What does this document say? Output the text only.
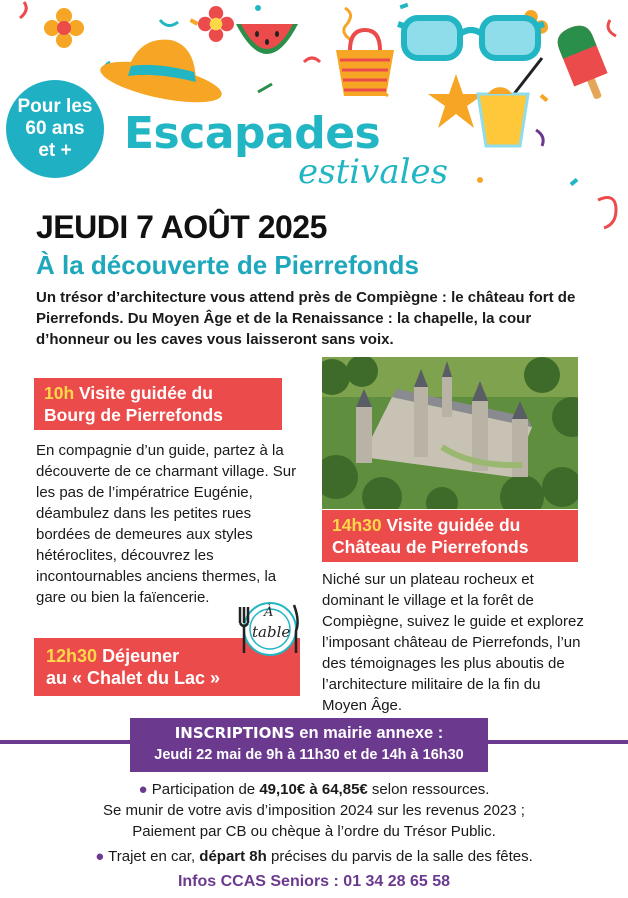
Pour les
60 ans
et + Escapades
estivales
JEUDI 7 AOÛT 2025
À la découverte de Pierrefonds
Un trésor d’architecture vous attend près de Compiègne : le château fort de Pierrefonds. Du Moyen Âge et de la Renaissance : la chapelle, la cour d’honneur ou les caves vous laisseront sans voix.
10h Visite guidée du
Bourg de Pierrefonds
En compagnie d’un guide, partez à la découverte de ce charmant village. Sur les pas de l’impératrice Eugénie, déambulez dans les petites rues bordées de demeures aux styles hétéroclites, découvrez les incontournables anciens thermes, la gare ou bien la faïencerie.
14h30 Visite guidée du
Château de Pierrefonds
Niché sur un plateau rocheux et dominant le village et la forêt de Compiègne, suivez le guide et explorez l’imposant château de Pierrefonds, l’un des témoignages les plus aboutis de l’architecture militaire de la fin du Moyen Âge.
12h30 Déjeuner
au « Chalet du Lac »
À
table
INSCRIPTIONS en mairie annexe :
Jeudi 22 mai de 9h à 11h30 et de 14h à 16h30
● Participation de 49,10€ à 64,85€ selon ressources.
Se munir de votre avis d’imposition 2024 sur les revenus 2023 ;
Paiement par CB ou chèque à l’ordre du Trésor Public.
● Trajet en car, départ 8h précises du parvis de la salle des fêtes.
Infos CCAS Seniors : 01 34 28 65 58
